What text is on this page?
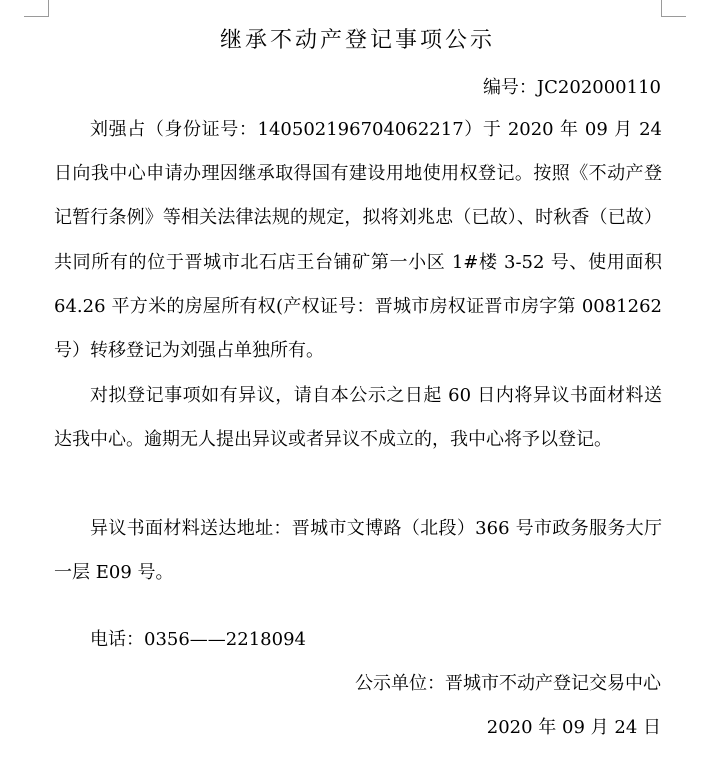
继承不动产登记事项公示
编号：JC202000110

刘强占（身份证号：140502196704062217）于 2020 年 09 月 24 日向我中心申请办理因继承取得国有建设用地使用权登记。按照《不动产登记暂行条例》等相关法律法规的规定，拟将刘兆忠（已故）、时秋香（已故）共同所有的位于晋城市北石店王台铺矿第一小区 1#楼 3-52 号、使用面积 64.26 平方米的房屋所有权(产权证号：晋城市房权证晋市房字第 0081262 号）转移登记为刘强占单独所有。

对拟登记事项如有异议，请自本公示之日起 60 日内将异议书面材料送达我中心。逾期无人提出异议或者异议不成立的，我中心将予以登记。

异议书面材料送达地址：晋城市文博路（北段）366 号市政务服务大厅一层 E09 号。

电话：0356——2218094

公示单位：晋城市不动产登记交易中心
2020 年 09 月 24 日
